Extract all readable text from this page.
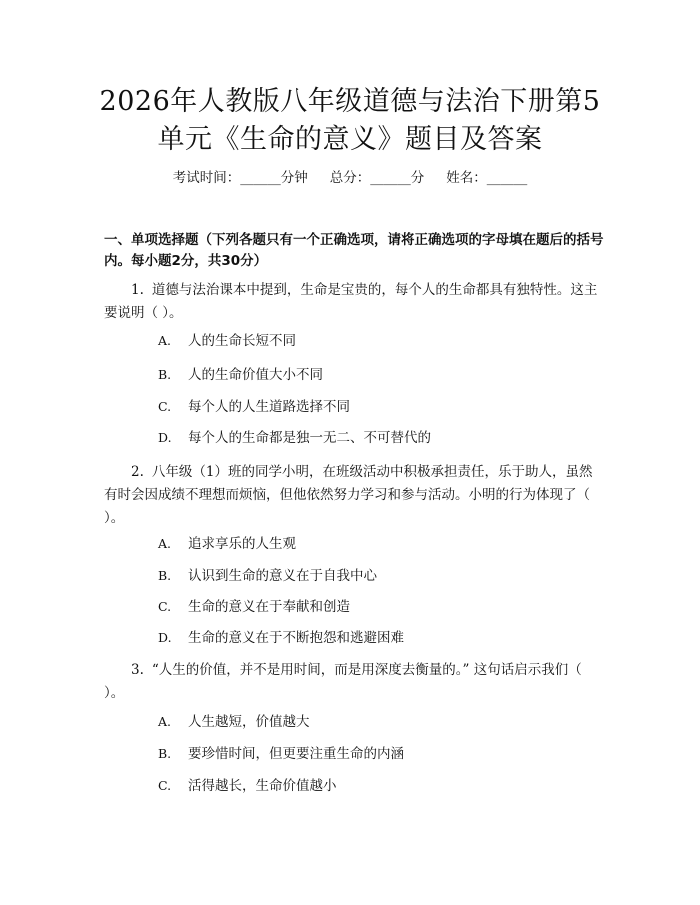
2026年人教版八年级道德与法治下册第5单元《生命的意义》题目及答案
考试时间：______分钟 总分：______分 姓名：______

一、单项选择题（下列各题只有一个正确选项，请将正确选项的字母填在题后的括号内。每小题2分，共30分）

1. 道德与法治课本中提到，生命是宝贵的，每个人的生命都具有独特性。这主要说明（ ）。

A. 人的生命长短不同
B. 人的生命价值大小不同
C. 每个人的人生道路选择不同
D. 每个人的生命都是独一无二、不可替代的

2. 八年级（1）班的同学小明，在班级活动中积极承担责任，乐于助人，虽然有时会因成绩不理想而烦恼，但他依然努力学习和参与活动。小明的行为体现了（ ）。

A. 追求享乐的人生观
B. 认识到生命的意义在于自我中心
C. 生命的意义在于奉献和创造
D. 生命的意义在于不断抱怨和逃避困难

3. “人生的价值，并不是用时间，而是用深度去衡量的。” 这句话启示我们（ ）。

A. 人生越短，价值越大
B. 要珍惜时间，但更要注重生命的内涵
C. 活得越长，生命价值越小
